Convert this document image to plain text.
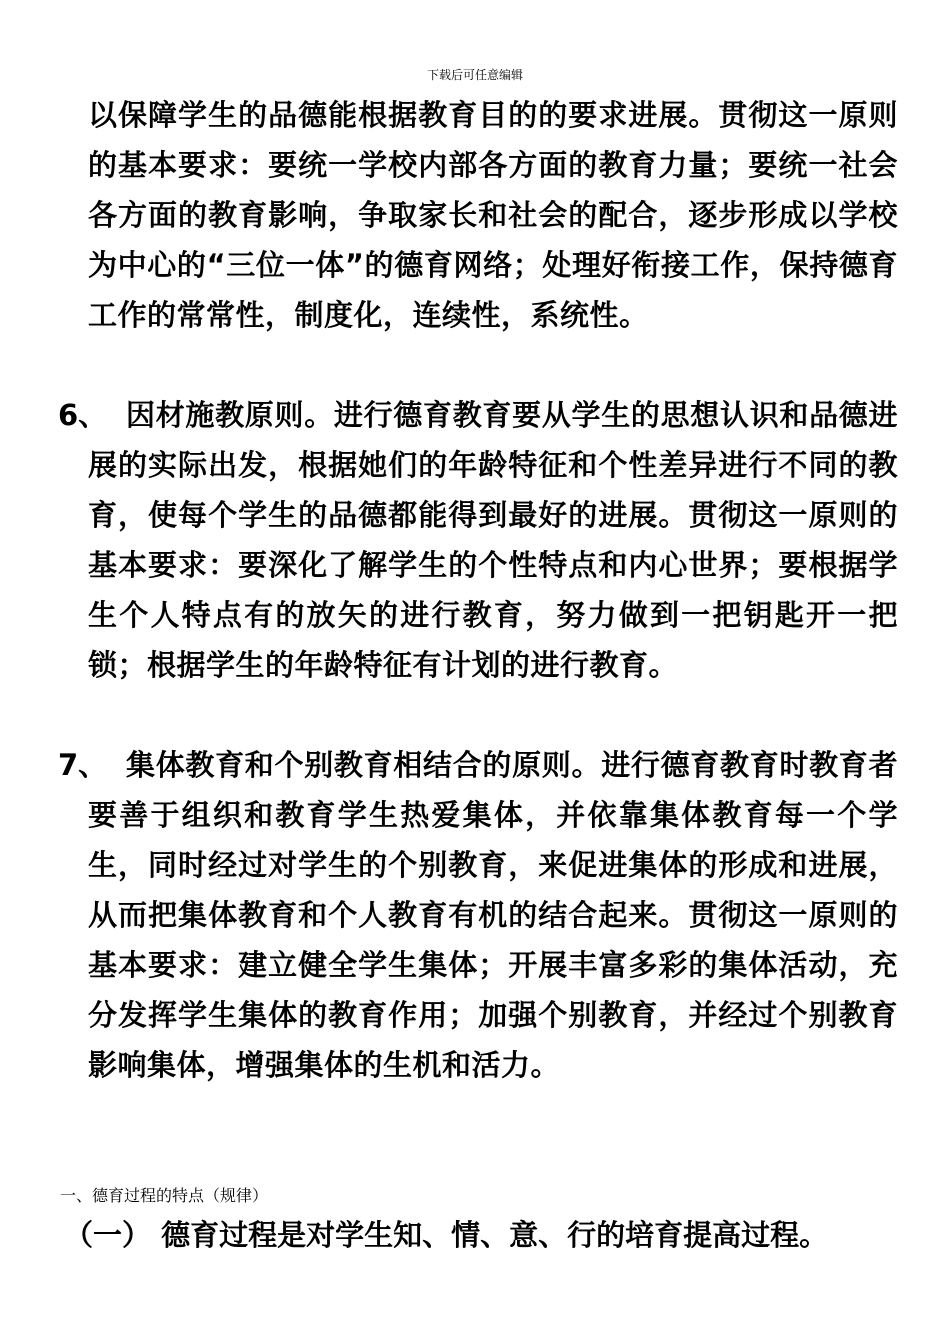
下载后可任意编辑
以保障学生的品德能根据教育目的的要求进展。贯彻这一原则的基本要求：要统一学校内部各方面的教育力量；要统一社会各方面的教育影响，争取家长和社会的配合，逐步形成以学校为中心的“三位一体”的德育网络；处理好衔接工作，保持德育工作的常常性，制度化，连续性，系统性。
6、 因材施教原则。进行德育教育要从学生的思想认识和品德进展的实际出发，根据她们的年龄特征和个性差异进行不同的教育，使每个学生的品德都能得到最好的进展。贯彻这一原则的基本要求：要深化了解学生的个性特点和内心世界；要根据学生个人特点有的放矢的进行教育，努力做到一把钥匙开一把锁；根据学生的年龄特征有计划的进行教育。
7、 集体教育和个别教育相结合的原则。进行德育教育时教育者要善于组织和教育学生热爱集体，并依靠集体教育每一个学生，同时经过对学生的个别教育，来促进集体的形成和进展，从而把集体教育和个人教育有机的结合起来。贯彻这一原则的基本要求：建立健全学生集体；开展丰富多彩的集体活动，充分发挥学生集体的教育作用；加强个别教育，并经过个别教育影响集体，增强集体的生机和活力。
一、德育过程的特点（规律）
（一） 德育过程是对学生知、情、意、行的培育提高过程。
